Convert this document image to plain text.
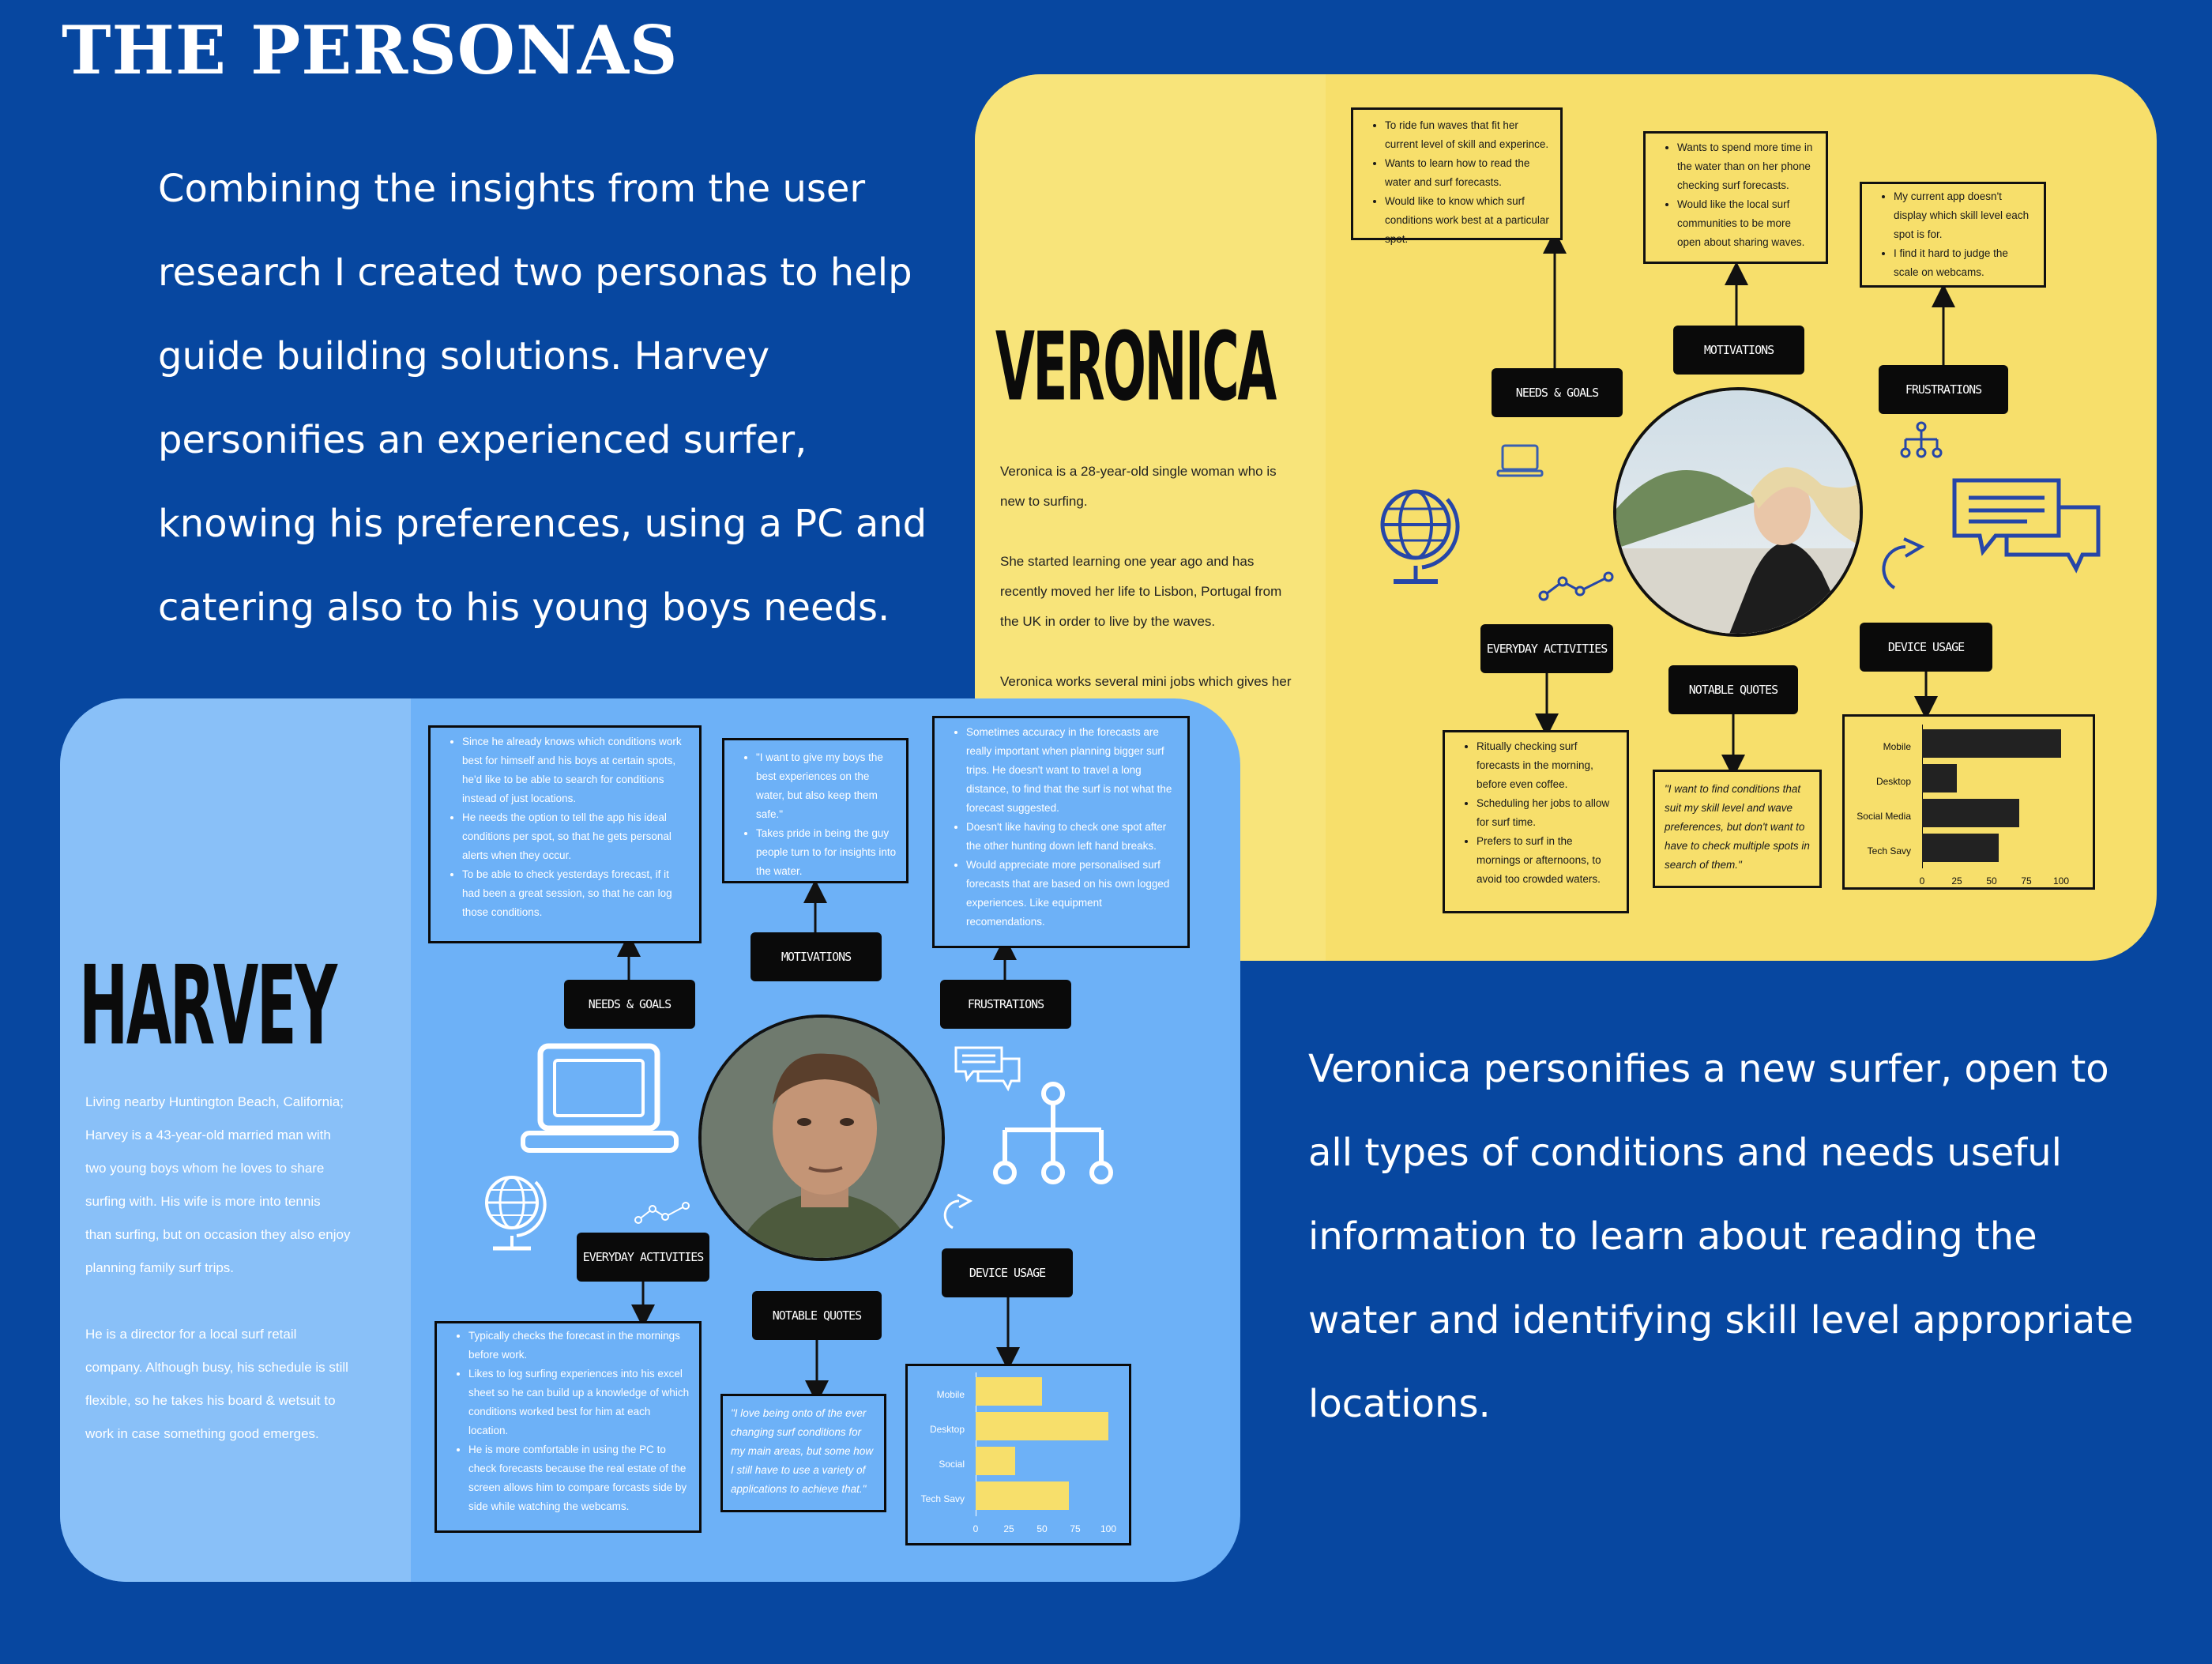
THE PERSONAS
Combining the insights from the user
research I created two personas to help
guide building solutions. Harvey
personifies an experienced surfer,
knowing his preferences, using a PC and
catering also to his young boys needs.
Veronica personifies a new surfer, open to
all types of conditions and needs useful
information to learn about reading the
water and identifying skill level appropriate
locations.
VERONICA
Veronica is a 28-year-old single woman who is
new to surfing.

She started learning one year ago and has
recently moved her life to Lisbon, Portugal from
the UK in order to live by the waves.

Veronica works several mini jobs which gives her
• To ride fun waves that fit her current level of skill and experince.
• Wants to learn how to read the water and surf forecasts.
• Would like to know which surf conditions work best at a particular spot.
• Wants to spend more time in the water than on her phone checking surf forecasts.
• Would like the local surf communities to be more open about sharing waves.
• My current app doesn't display which skill level each spot is for.
• I find it hard to judge the scale on webcams.
NEEDS & GOALS
MOTIVATIONS
FRUSTRATIONS
EVERYDAY ACTIVITIES
NOTABLE QUOTES
DEVICE USAGE
• Ritually checking surf forecasts in the morning, before even coffee.
• Scheduling her jobs to allow for surf time.
• Prefers to surf in the mornings or afternoons, to avoid too crowded waters.
"I want to find conditions that suit my skill level and wave preferences, but don't want to have to check multiple spots in search of them."
Mobile
Desktop
Social Media
Tech Savy
0	25	50	75	100
HARVEY
Living nearby Huntington Beach, California;
Harvey is a 43-year-old married man with
two young boys whom he loves to share
surfing with. His wife is more into tennis
than surfing, but on occasion they also enjoy
planning family surf trips.

He is a director for a local surf retail
company. Although busy, his schedule is still
flexible, so he takes his board & wetsuit to
work in case something good emerges.
• Since he already knows which conditions work best for himself and his boys at certain spots, he'd like to be able to search for conditions instead of just locations.
• He needs the option to tell the app his ideal conditions per spot, so that he gets personal alerts when they occur.
• To be able to check yesterdays forecast, if it had been a great session, so that he can log those conditions.
• "I want to give my boys the best experiences on the water, but also keep them safe."
• Takes pride in being the guy people turn to for insights into the water.
• Sometimes accuracy in the forecasts are really important when planning bigger surf trips. He doesn't want to travel a long distance, to find that the surf is not what the forecast suggested.
• Doesn't like having to check one spot after the other hunting down left hand breaks.
• Would appreciate more personalised surf forecasts that are based on his own logged experiences. Like equipment recomendations.
NEEDS & GOALS
MOTIVATIONS
FRUSTRATIONS
EVERYDAY ACTIVITIES
NOTABLE QUOTES
DEVICE USAGE
• Typically checks the forecast in the mornings before work.
• Likes to log surfing experiences into his excel sheet so he can build up a knowledge of which conditions worked best for him at each location.
• He is more comfortable in using the PC to check forecasts because the real estate of the screen allows him to compare forcasts side by side while watching the webcams.
"I love being onto of the ever changing surf conditions for my main areas, but some how I still have to use a variety of applications to achieve that."
Mobile
Desktop
Social
Tech Savy
0	25	50	75	100
